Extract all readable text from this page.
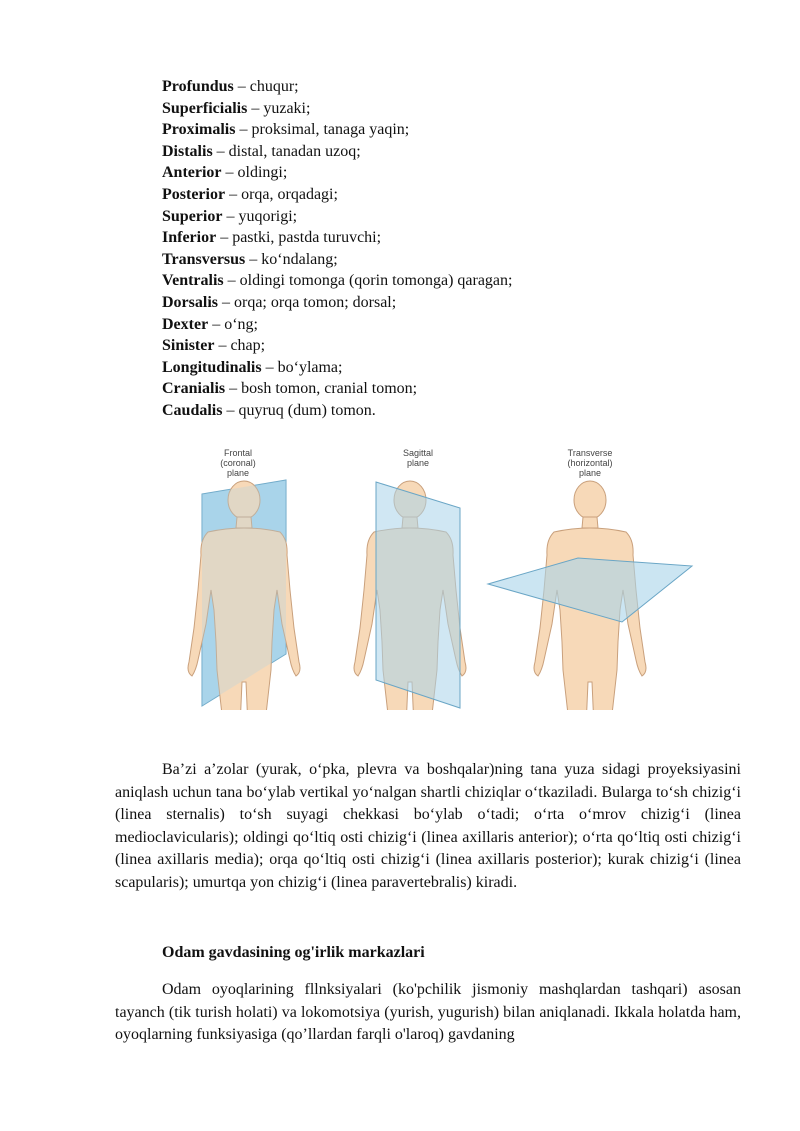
Profundus – chuqur;
Superficialis – yuzaki;
Proximalis – proksimal, tanaga yaqin;
Distalis – distal, tanadan uzoq;
Anterior – oldingi;
Posterior – orqa, orqadagi;
Superior – yuqorigi;
Inferior – pastki, pastda turuvchi;
Transversus – ko‘ndalang;
Ventralis – oldingi tomonga (qorin tomonga) qaragan;
Dorsalis – orqa; orqa tomon; dorsal;
Dexter – o‘ng;
Sinister – chap;
Longitudinalis – bo‘ylama;
Cranialis – bosh tomon, cranial tomon;
Caudalis – quyruq (dum) tomon.
Frontal
(coronal)
plane
Sagittal
plane
Transverse
(horizontal)
plane
Ba’zi a’zolar (yurak, o‘pka, plevra va boshqalar)ning tana yuza sidagi proyeksiyasini aniqlash uchun tana bo‘ylab vertikal yo‘nalgan shartli chiziqlar o‘tkaziladi. Bularga to‘sh chizig‘i (linea sternalis) to‘sh suyagi chekkasi bo‘ylab o‘tadi; o‘rta o‘mrov chizig‘i (linea medioclavicularis); oldingi qo‘ltiq osti chizig‘i (linea axillaris anterior); o‘rta qo‘ltiq osti chizig‘i (linea axillaris media); orqa qo‘ltiq osti chizig‘i (linea axillaris posterior); kurak chizig‘i (linea scapularis); umurtqa yon chizig‘i (linea paravertebralis) kiradi.
Odam gavdasining og'irlik markazlari
Odam oyoqlarining fllnksiyalari (ko'pchilik jismoniy mashqlardan tashqari) asosan tayanch (tik turish holati) va lokomotsiya (yurish, yugurish) bilan aniqlanadi. Ikkala holatda ham, oyoqlarning funksiyasiga (qo’llardan farqli o'laroq) gavdaning
